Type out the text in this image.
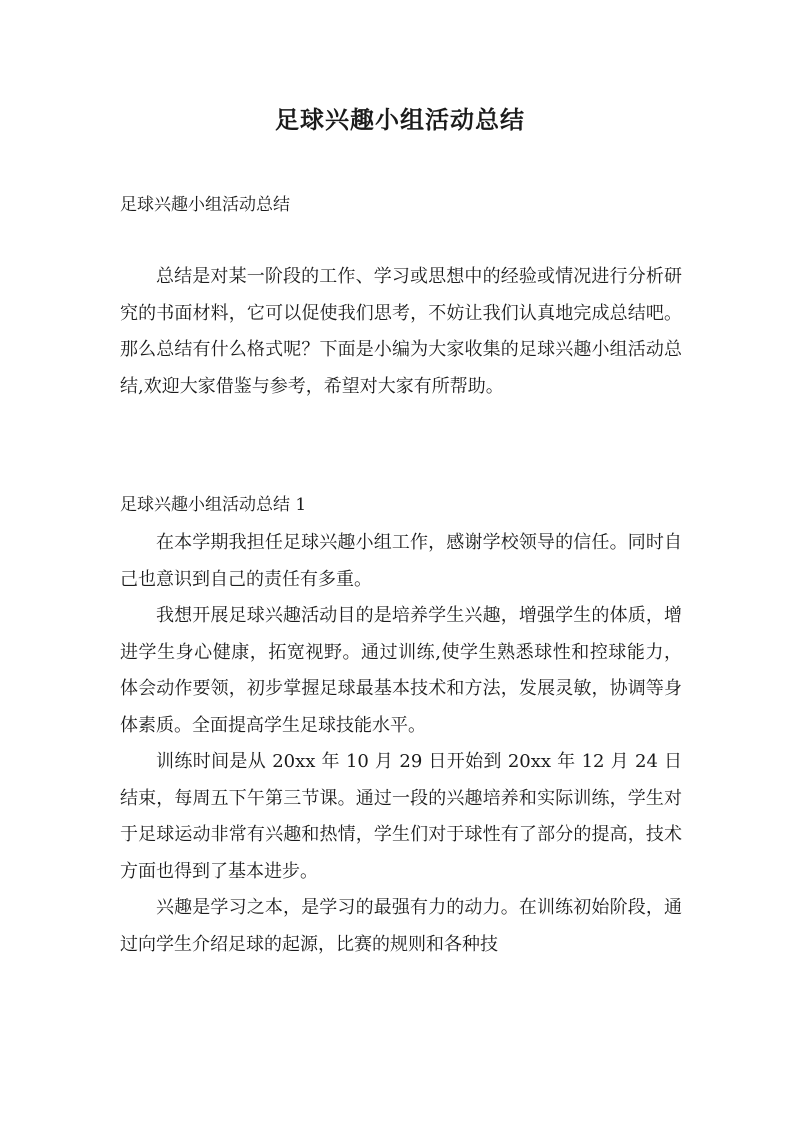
足球兴趣小组活动总结
足球兴趣小组活动总结

总结是对某一阶段的工作、学习或思想中的经验或情况进行分析研究的书面材料，它可以促使我们思考，不妨让我们认真地完成总结吧。那么总结有什么格式呢？下面是小编为大家收集的足球兴趣小组活动总结,欢迎大家借鉴与参考，希望对大家有所帮助。

足球兴趣小组活动总结 1

在本学期我担任足球兴趣小组工作，感谢学校领导的信任。同时自己也意识到自己的责任有多重。

我想开展足球兴趣活动目的是培养学生兴趣，增强学生的体质，增进学生身心健康，拓宽视野。通过训练,使学生熟悉球性和控球能力，体会动作要领，初步掌握足球最基本技术和方法，发展灵敏，协调等身体素质。全面提高学生足球技能水平。

训练时间是从 20xx 年 10 月 29 日开始到 20xx 年 12 月 24 日结束，每周五下午第三节课。通过一段的兴趣培养和实际训练，学生对于足球运动非常有兴趣和热情，学生们对于球性有了部分的提高，技术方面也得到了基本进步。

兴趣是学习之本，是学习的最强有力的动力。在训练初始阶段，通过向学生介绍足球的起源，比赛的规则和各种技
